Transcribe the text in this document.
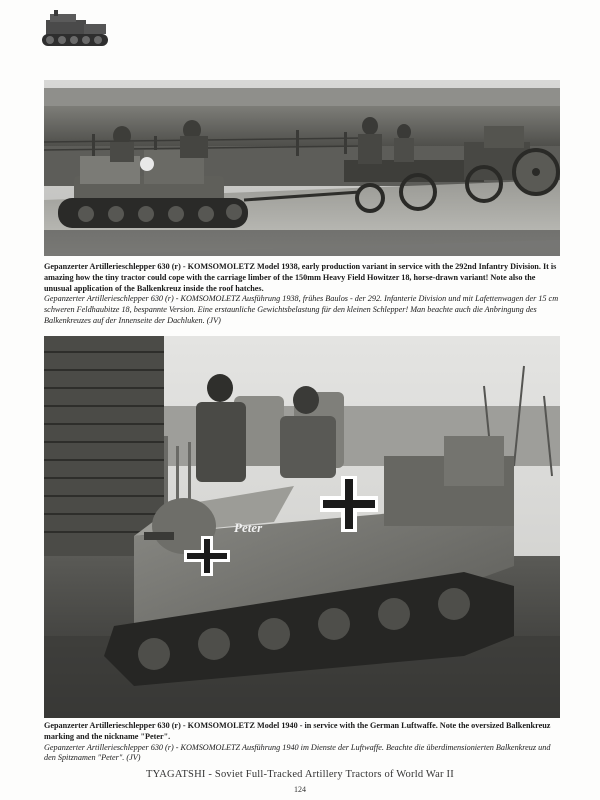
Gepanzerter Artillerieschlepper 630 (r) - KOMSOMOLETZ Model 1938, early production variant in service with the 292nd Infantry Division. It is amazing how the tiny tractor could cope with the carriage limber of the 150mm Heavy Field Howitzer 18, horse-drawn variant! Note also the unusual application of the Balkenkreuz inside the roof hatches.
Gepanzerter Artillerieschlepper 630 (r) - KOMSOMOLETZ Ausführung 1938, frühes Baulos - der 292. Infanterie Division und mit Lafettenwagen der 15 cm schweren Feldhaubitze 18, bespannte Version. Eine erstaunliche Gewichtsbelastung für den kleinen Schlepper! Man beachte auch die Anbringung des Balkenkreuzes auf der Innenseite der Dachluken. (JV)
Peter
Gepanzerter Artillerieschlepper 630 (r) - KOMSOMOLETZ Model 1940 - in service with the German Luftwaffe. Note the oversized Balkenkreuz marking and the nickname "Peter".
Gepanzerter Artillerieschlepper 630 (r) - KOMSOMOLETZ Ausführung 1940 im Dienste der Luftwaffe. Beachte die überdimensionierten Balkenkreuz und den Spitznamen "Peter". (JV)
TYAGATSHI - Soviet Full-Tracked Artillery Tractors of World War II
124
